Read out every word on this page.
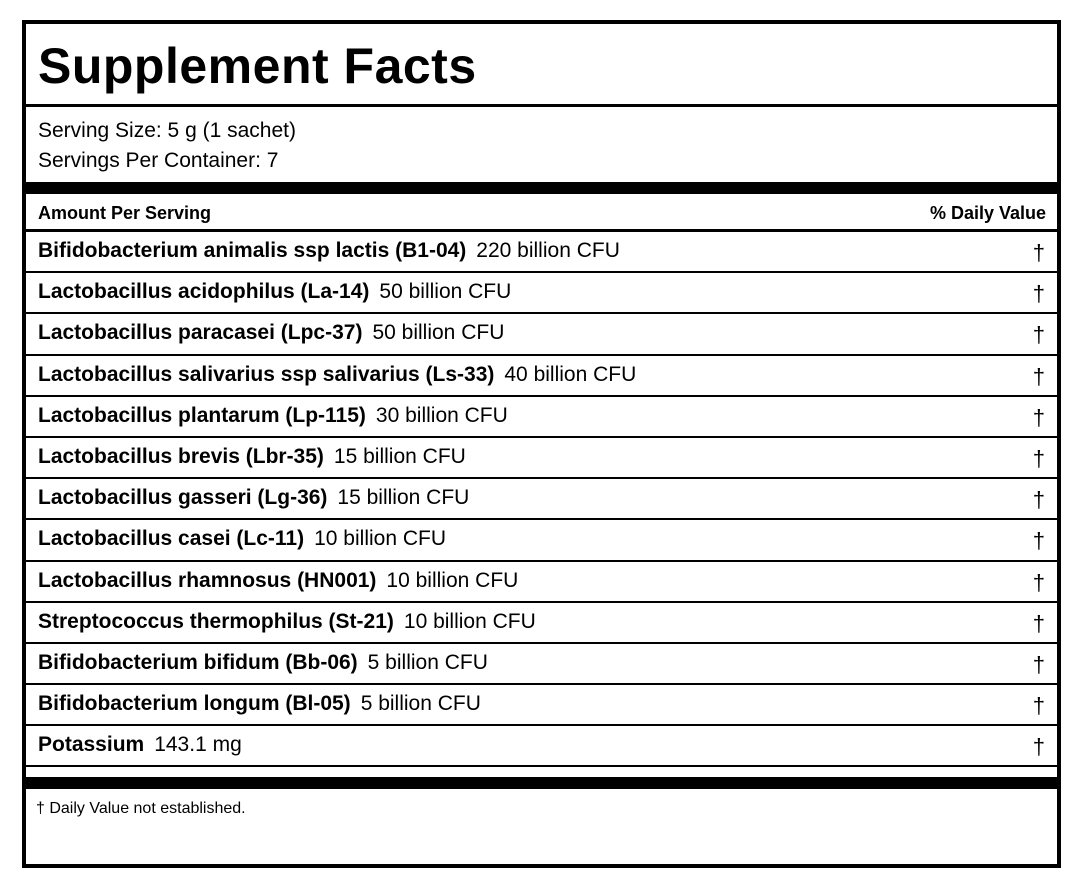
Supplement Facts
Serving Size: 5 g (1 sachet)
Servings Per Container: 7
Amount Per Serving	% Daily Value
Bifidobacterium animalis ssp lactis (B1-04) 220 billion CFU	†
Lactobacillus acidophilus (La-14) 50 billion CFU	†
Lactobacillus paracasei (Lpc-37) 50 billion CFU	†
Lactobacillus salivarius ssp salivarius (Ls-33) 40 billion CFU	†
Lactobacillus plantarum (Lp-115) 30 billion CFU	†
Lactobacillus brevis (Lbr-35) 15 billion CFU	†
Lactobacillus gasseri (Lg-36) 15 billion CFU	†
Lactobacillus casei (Lc-11) 10 billion CFU	†
Lactobacillus rhamnosus (HN001) 10 billion CFU	†
Streptococcus thermophilus (St-21) 10 billion CFU	†
Bifidobacterium bifidum (Bb-06) 5 billion CFU	†
Bifidobacterium longum (Bl-05) 5 billion CFU	†
Potassium 143.1 mg	†
† Daily Value not established.
